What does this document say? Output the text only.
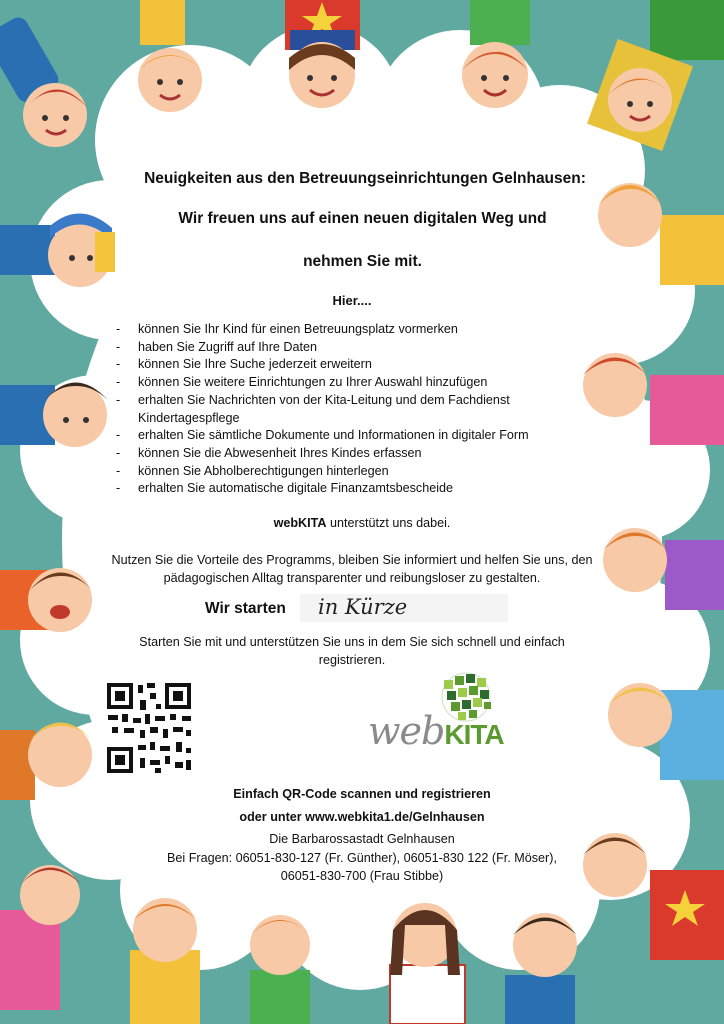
Neuigkeiten aus den Betreuungseinrichtungen Gelnhausen:
Wir freuen uns auf einen neuen digitalen Weg und
nehmen Sie mit.
Hier....
- können Sie Ihr Kind für einen Betreuungsplatz vormerken
- haben Sie Zugriff auf Ihre Daten
- können Sie Ihre Suche jederzeit erweitern
- können Sie weitere Einrichtungen zu Ihrer Auswahl hinzufügen
- erhalten Sie Nachrichten von der Kita-Leitung und dem Fachdienst Kindertagespflege
- erhalten Sie sämtliche Dokumente und Informationen in digitaler Form
- können Sie die Abwesenheit Ihres Kindes erfassen
- können Sie Abholberechtigungen hinterlegen
- erhalten Sie automatische digitale Finanzamtsbescheide
webKITA unterstützt uns dabei.
Nutzen Sie die Vorteile des Programms, bleiben Sie informiert und helfen Sie uns, den
pädagogischen Alltag transparenter und reibungsloser zu gestalten.
Wir starten	in Kürze
Starten Sie mit und unterstützen Sie uns in dem Sie sich schnell und einfach
registrieren.
webKITA
Einfach QR-Code scannen und registrieren
oder unter www.webkita1.de/Gelnhausen
Die Barbarossastadt Gelnhausen
Bei Fragen: 06051-830-127 (Fr. Günther), 06051-830 122 (Fr. Möser),
06051-830-700 (Frau Stibbe)
